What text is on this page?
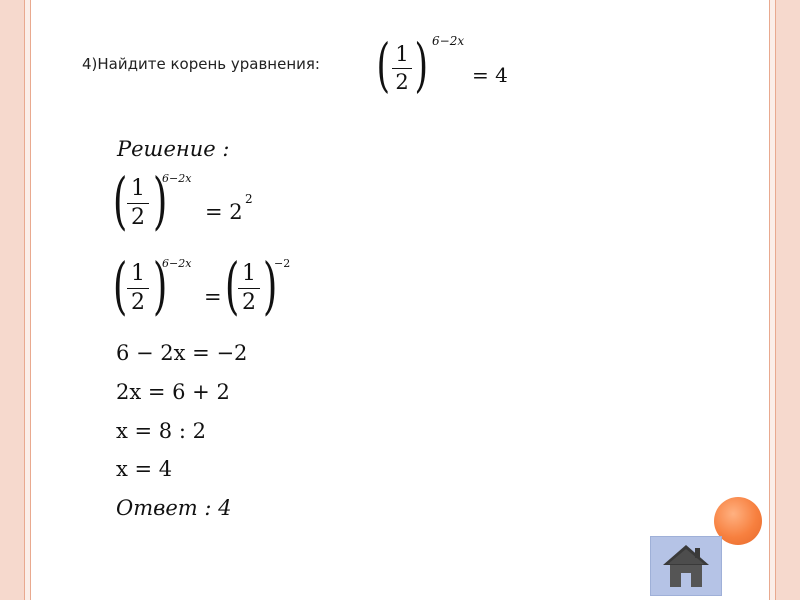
4)Найдите корень уравнения: ( 1
2 ) 6−2x
= 4
Решение :
( 1
2 )
6−2x
= 2
2
( 1
2 )
6−2x
= ( 1
2 )
−2
6 − 2x = −2
2x = 6 + 2
x = 8 : 2
x = 4
Ответ : 4
